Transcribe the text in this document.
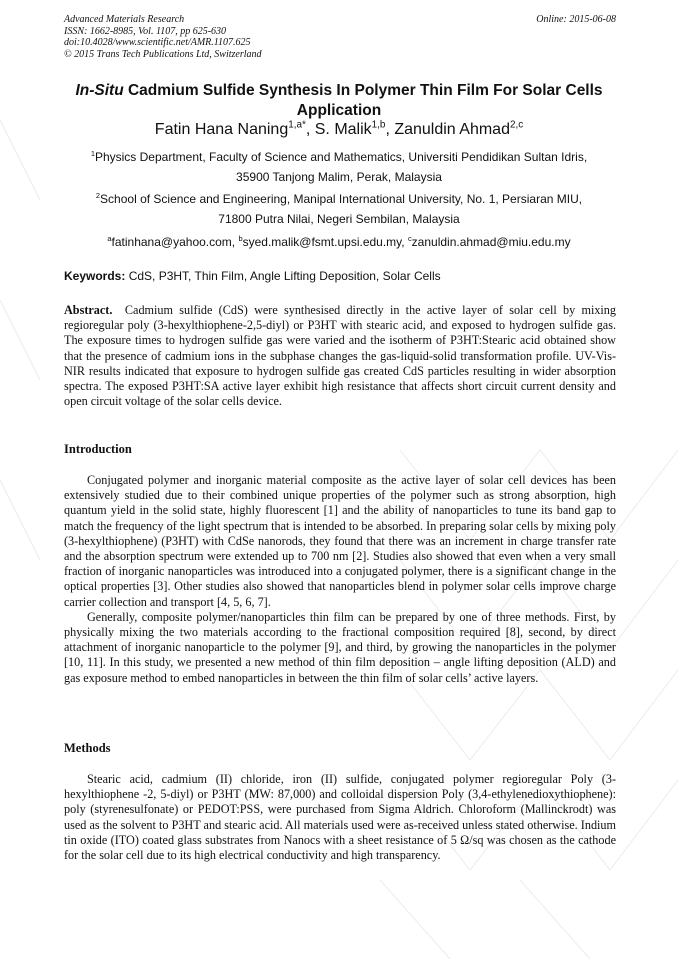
Advanced Materials Research
ISSN: 1662-8985, Vol. 1107, pp 625-630
doi:10.4028/www.scientific.net/AMR.1107.625
© 2015 Trans Tech Publications Ltd, Switzerland
Online: 2015-06-08
In-Situ Cadmium Sulfide Synthesis In Polymer Thin Film For Solar Cells Application
Fatin Hana Naning$^{1,a*}$, S. Malik$^{1,b}$, Zanuldin Ahmad$^{2,c}$
$^1$Physics Department, Faculty of Science and Mathematics, Universiti Pendidikan Sultan Idris,
35900 Tanjong Malim, Perak, Malaysia
$^2$School of Science and Engineering, Manipal International University, No. 1, Persiaran MIU,
71800 Putra Nilai, Negeri Sembilan, Malaysia
$^a$fatinhana@yahoo.com, $^b$syed.malik@fsmt.upsi.edu.my, $^c$zanuldin.ahmad@miu.edu.my
Keywords: CdS, P3HT, Thin Film, Angle Lifting Deposition, Solar Cells
Abstract.  Cadmium sulfide (CdS) were synthesised directly in the active layer of solar cell by mixing regioregular poly (3-hexylthiophene-2,5-diyl) or P3HT with stearic acid, and exposed to hydrogen sulfide gas. The exposure times to hydrogen sulfide gas were varied and the isotherm of P3HT:Stearic acid obtained show that the presence of cadmium ions in the subphase changes the gas-liquid-solid transformation profile. UV-Vis-NIR results indicated that exposure to hydrogen sulfide gas created CdS particles resulting in wider absorption spectra. The exposed P3HT:SA active layer exhibit high resistance that affects short circuit current density and open circuit voltage of the solar cells device.
Introduction
Conjugated polymer and inorganic material composite as the active layer of solar cell devices has been extensively studied due to their combined unique properties of the polymer such as strong absorption, high quantum yield in the solid state, highly fluorescent [1] and the ability of nanoparticles to tune its band gap to match the frequency of the light spectrum that is intended to be absorbed. In preparing solar cells by mixing poly (3-hexylthiophene) (P3HT) with CdSe nanorods, they found that there was an increment in charge transfer rate and the absorption spectrum were extended up to 700 nm [2]. Studies also showed that even when a very small fraction of inorganic nanoparticles was introduced into a conjugated polymer, there is a significant change in the optical properties [3]. Other studies also showed that nanoparticles blend in polymer solar cells improve charge carrier collection and transport [4, 5, 6, 7].
Generally, composite polymer/nanoparticles thin film can be prepared by one of three methods. First, by physically mixing the two materials according to the fractional composition required [8], second, by direct attachment of inorganic nanoparticle to the polymer [9], and third, by growing the nanoparticles in the polymer [10, 11]. In this study, we presented a new method of thin film deposition – angle lifting deposition (ALD) and gas exposure method to embed nanoparticles in between the thin film of solar cells’ active layers.
Methods
Stearic acid, cadmium (II) chloride, iron (II) sulfide, conjugated polymer regioregular Poly (3-hexylthiophene -2, 5-diyl) or P3HT (MW: 87,000) and colloidal dispersion Poly (3,4-ethylenedioxythiophene): poly (styrenesulfonate) or PEDOT:PSS, were purchased from Sigma Aldrich. Chloroform (Mallinckrodt) was used as the solvent to P3HT and stearic acid. All materials used were as-received unless stated otherwise. Indium tin oxide (ITO) coated glass substrates from Nanocs with a sheet resistance of 5 Ω/sq was chosen as the cathode for the solar cell due to its high electrical conductivity and high transparency.
